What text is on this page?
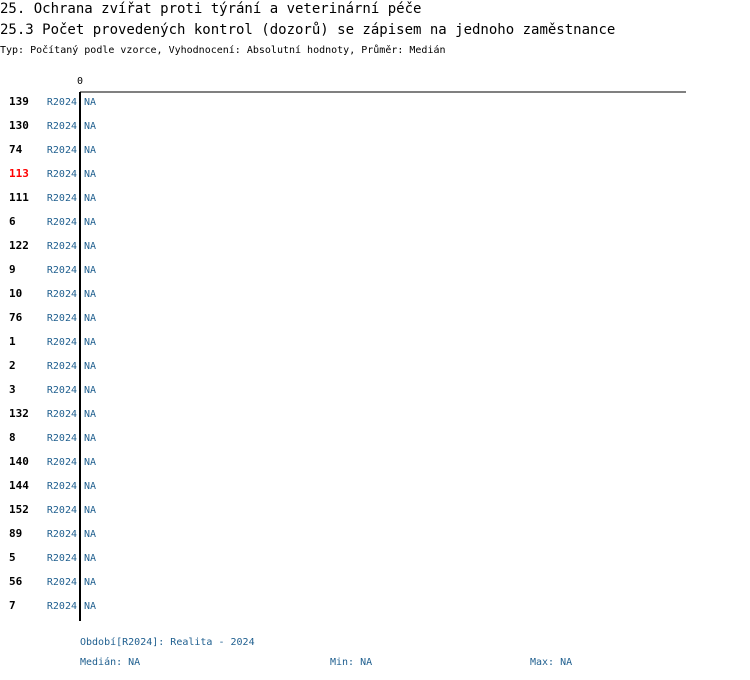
25. Ochrana zvířat proti týrání a veterinární péče
25.3 Počet provedených kontrol (dozorů) se zápisem na jednoho zaměstnance
Typ: Počítaný podle vzorce, Vyhodnocení: Absolutní hodnoty, Průměr: Medián
0
139 R2024 NA
130 R2024 NA
74 R2024 NA
113 R2024 NA
111 R2024 NA
6	R2024 NA
122 R2024 NA
9	R2024 NA
10 R2024 NA
76 R2024 NA
1	R2024 NA
2	R2024 NA
3	R2024 NA
132 R2024 NA
8	R2024 NA
140 R2024 NA
144 R2024 NA
152 R2024 NA
89 R2024 NA
5	R2024 NA
56 R2024 NA
7	R2024 NA
Období[R2024]: Realita - 2024
Medián: NA	Min: NA	Max: NA
